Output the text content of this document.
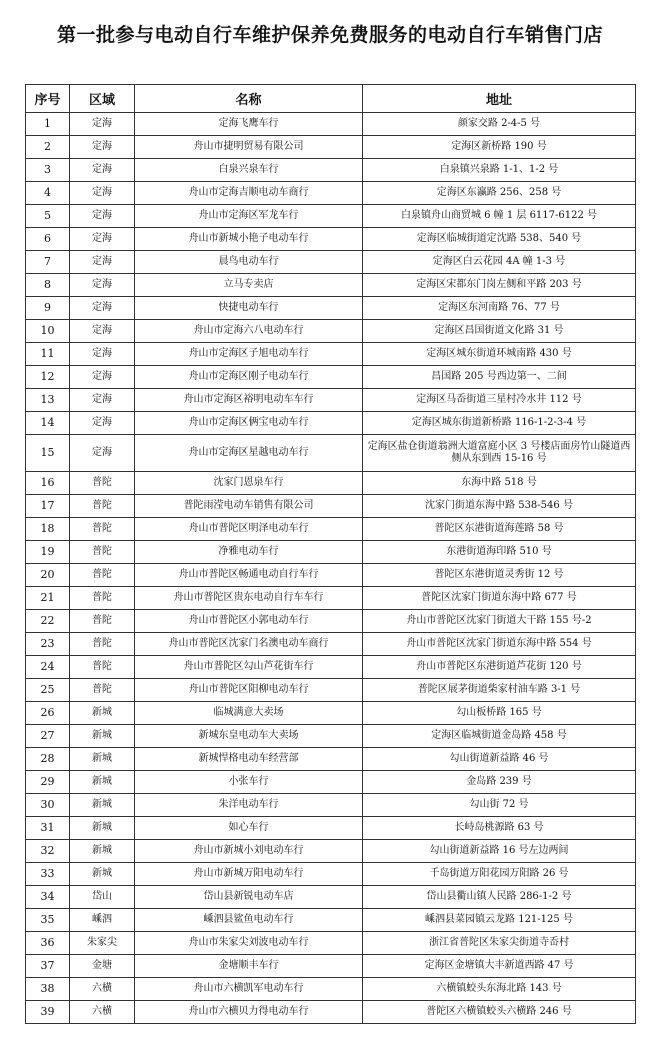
第一批参与电动自行车维护保养免费服务的电动自行车销售门店
序号	区域	名称	地址
1	定海	定海飞鹰车行	颜家交路 2-4-5 号
2	定海	舟山市捷明贸易有限公司	定海区新桥路 190 号
3	定海	白泉兴泉车行	白泉镇兴泉路 1-1、1-2 号
4	定海	舟山市定海吉顺电动车商行	定海区东瀛路 256、258 号
5	定海	舟山市定海区军龙车行	白泉镇舟山商贸城 6 幢 1 层 6117-6122 号
6	定海	舟山市新城小艳子电动车行	定海区临城街道定沈路 538、540 号
7	定海	晨鸟电动车行	定海区白云花园 4A 幢 1-3 号
8	定海	立马专卖店	定海区宋都东门岗左侧和平路 203 号
9	定海	快捷电动车行	定海区东河南路 76、77 号
10	定海	舟山市定海六八电动车行	定海区昌国街道文化路 31 号
11	定海	舟山市定海区子旭电动车行	定海区城东街道环城南路 430 号
12	定海	舟山市定海区刚子电动车行	昌国路 205 号西边第一、二间
13	定海	舟山市定海区裕明电动车车行	定海区马岙街道三星村冷水井 112 号
14	定海	舟山市定海区俩宝电动车行	定海区城东街道新桥路 116-1-2-3-4 号
15	定海	舟山市定海区星越电动车行	定海区盐仓街道翁洲大道富庭小区 3 号楼店面房竹山隧道西侧从东到西 15-16 号
16	普陀	沈家门恩泉车行	东海中路 518 号
17	普陀	普陀雨滢电动车销售有限公司	沈家门街道东海中路 538-546 号
18	普陀	舟山市普陀区明泽电动车行	普陀区东港街道海莲路 58 号
19	普陀	净雅电动车行	东港街道海印路 510 号
20	普陀	舟山市普陀区畅通电动自行车行	普陀区东港街道灵秀街 12 号
21	普陀	舟山市普陀区贵东电动自行车车行	普陀区沈家门街道东海中路 677 号
22	普陀	舟山市普陀区小郭电动车行	舟山市普陀区沈家门街道大干路 155 号-2
23	普陀	舟山市普陀区沈家门名澳电动车商行	舟山市普陀区沈家门街道东海中路 554 号
24	普陀	舟山市普陀区勾山芦花街车行	舟山市普陀区东港街道芦花街 120 号
25	普陀	舟山市普陀区阳柳电动车行	普陀区展茅街道柴家村油车路 3-1 号
26	新城	临城满意大卖场	勾山板桥路 165 号
27	新城	新城东皇电动车大卖场	定海区临城街道金岛路 458 号
28	新城	新城悍格电动车经营部	勾山街道新益路 46 号
29	新城	小张车行	金岛路 239 号
30	新城	朱洋电动车行	勾山街 72 号
31	新城	如心车行	长峙岛桃源路 63 号
32	新城	舟山市新城小刘电动车行	勾山街道新益路 16 号左边两间
33	新城	舟山市新城万阳电动车行	千岛街道万阳花园万阳路 26 号
34	岱山	岱山县新锐电动车店	岱山县衢山镇人民路 286-1-2 号
35	嵊泗	嵊泗县鲨鱼电动车行	嵊泗县菜园镇云龙路 121-125 号
36	朱家尖	舟山市朱家尖刘波电动车行	浙江省普陀区朱家尖街道寺岙村
37	金塘	金塘顺丰车行	定海区金塘镇大丰新道西路 47 号
38	六横	舟山市六横凯军电动车行	六横镇蛟头东海北路 143 号
39	六横	舟山市六横贝力得电动车行	普陀区六横镇蛟头六横路 246 号
